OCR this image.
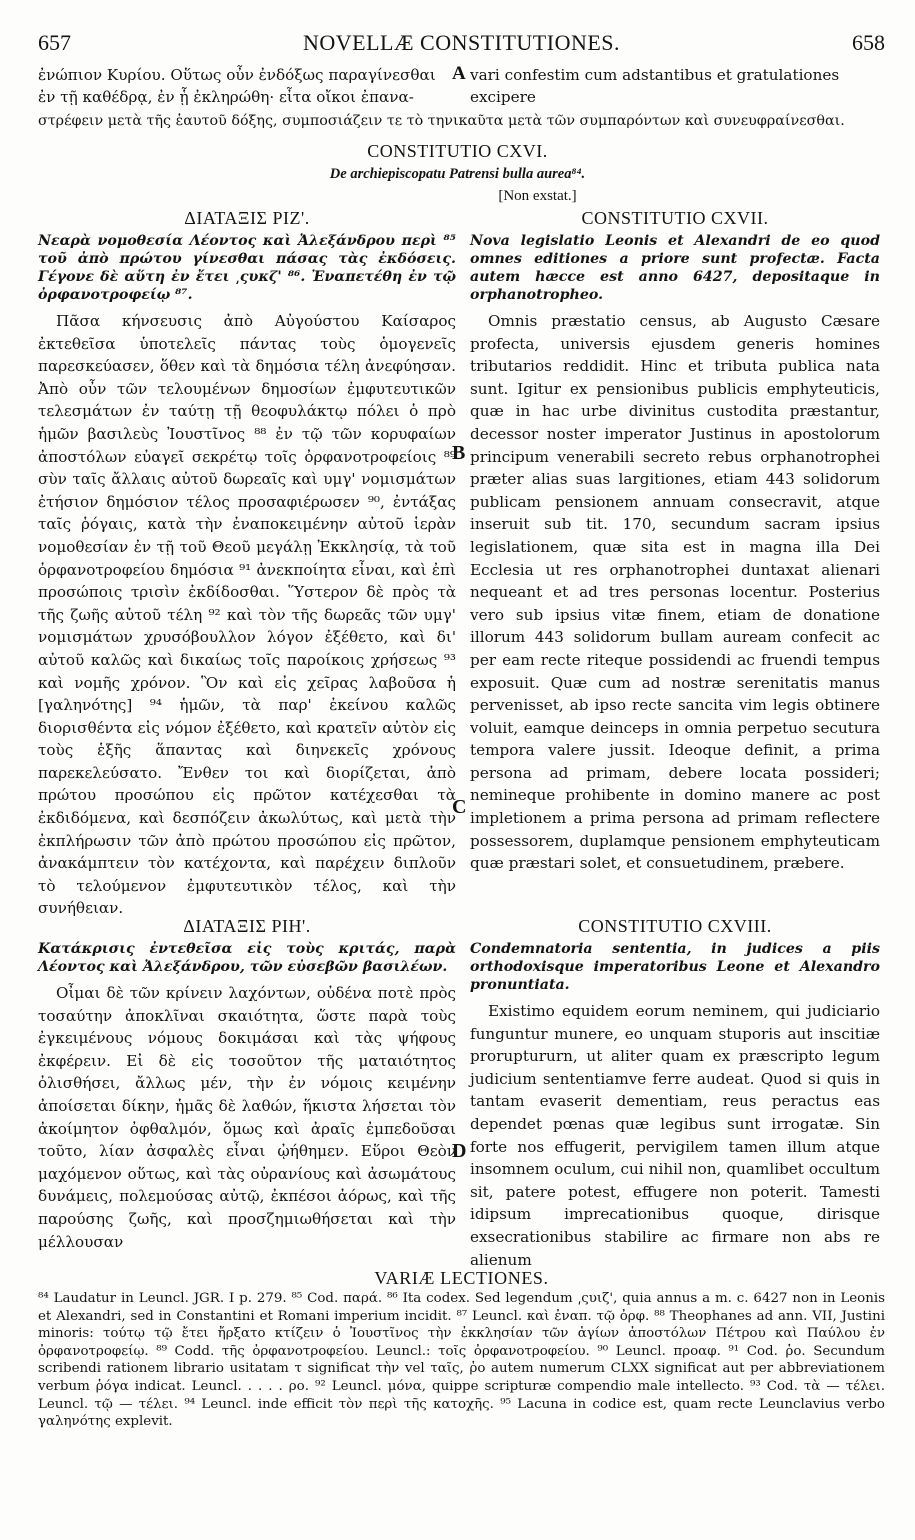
657	NOVELLÆ CONSTITUTIONES.	658
ἐνώπιον Κυρίου. Οὕτως οὖν ἐνδόξως παραγίνεσθαι A vari confestim cum adstantibus et gratulationes
ἐν τῇ καθέδρᾳ, ἐν ᾗ ἐκληρώθη· εἶτα οἴκοι ἐπανα-	excipere
στρέφειν μετὰ τῆς ἑαυτοῦ δόξης, συμποσιάζειν τε τὸ τηνικαῦτα μετὰ τῶν συμπαρόντων καὶ συνευφραίνεσθαι.
CONSTITUTIO CXVI.
De archiepiscopatu Patrensi bulla aurea⁸⁴.
[Non exstat.]
ΔΙΑΤΑΞΙΣ ΡΙΖ'.
Νεαρὰ νομοθεσία Λέοντος καὶ Ἀλεξάνδρου περὶ ⁸⁵ τοῦ ἀπὸ πρώτου γίνεσθαι πάσας τὰς ἐκδόσεις. Γέγονε δὲ αὕτη ἐν ἔτει ͵ςυκζ' ⁸⁶. Ἐναπετέθη ἐν τῷ ὀρφανοτροφείῳ ⁸⁷.

Πᾶσα κήνσευσις ἀπὸ Αὐγούστου Καίσαρος ἐκτεθεῖσα ὑποτελεῖς πάντας τοὺς ὁμογενεῖς παρεσκεύασεν, ὅθεν καὶ τὰ δημόσια τέλη ἀνεφύησαν. Ἀπὸ οὖν τῶν τελουμένων δημοσίων ἐμφυτευτικῶν τελεσμάτων ἐν ταύτῃ τῇ θεοφυλάκτῳ πόλει ὁ πρὸ ἡμῶν βασιλεὺς Ἰουστῖνος ⁸⁸ ἐν τῷ τῶν κορυφαίων ἀποστόλων εὐαγεῖ σεκρέτῳ τοῖς ὀρφανοτροφείοις ⁸⁹ σὺν ταῖς ἄλλαις αὐτοῦ δωρεαῖς καὶ υμγ' νομισμάτων ἐτήσιον δημόσιον τέλος προσαφιέρωσεν ⁹⁰, ἐντάξας ταῖς ῥόγαις, κατὰ τὴν ἐναποκειμένην αὐτοῦ ἱερὰν νομοθεσίαν ἐν τῇ τοῦ Θεοῦ μεγάλῃ Ἐκκλησίᾳ, τὰ τοῦ ὀρφανοτροφείου δημόσια ⁹¹ ἀνεκποίητα εἶναι, καὶ ἐπὶ προσώποις τρισὶν ἐκδίδοσθαι. Ὕστερον δὲ πρὸς τὰ τῆς ζωῆς αὐτοῦ τέλη ⁹² καὶ τὸν τῆς δωρεᾶς τῶν υμγ' νομισμάτων χρυσόβουλλον λόγον ἐξέθετο, καὶ δι' αὐτοῦ καλῶς καὶ δικαίως τοῖς παροίκοις χρήσεως ⁹³ καὶ νομῆς χρόνον. Ὃν καὶ εἰς χεῖρας λαβοῦσα ἡ [γαληνότης] ⁹⁴ ἡμῶν, τὰ παρ' ἐκείνου καλῶς διορισθέντα εἰς νόμον ἐξέθετο, καὶ κρατεῖν αὐτὸν εἰς τοὺς ἑξῆς ἅπαντας καὶ διηνεκεῖς χρόνους παρεκελεύσατο. Ἔνθεν τοι καὶ διορίζεται, ἀπὸ πρώτου προσώπου εἰς πρῶτον κατέχεσθαι τὰ ἐκδιδόμενα, καὶ δεσπόζειν ἀκωλύτως, καὶ μετὰ τὴν ἐκπλήρωσιν τῶν ἀπὸ πρώτου προσώπου εἰς πρῶτον, ἀνακάμπτειν τὸν κατέχοντα, καὶ παρέχειν διπλοῦν τὸ τελούμενον ἐμφυτευτικὸν τέλος, καὶ τὴν συνήθειαν.

CONSTITUTIO CXVII.
Nova legislatio Leonis et Alexandri de eo quod omnes editiones a priore sunt profectæ. Facta autem hæcce est anno 6427, depositaque in orphanotropheo.

Omnis præstatio census, ab Augusto Cæsare profecta, universis ejusdem generis homines tributarios reddidit. Hinc et tributa publica nata sunt. Igitur ex pensionibus publicis emphyteuticis, quæ in hac urbe divinitus custodita præstantur, decessor noster imperator Justinus in apostolorum principum venerabili secreto rebus orphanotrophei præter alias suas largitiones, etiam 443 solidorum publicam pensionem annuam consecravit, atque inseruit sub tit. 170, secundum sacram ipsius legislationem, quæ sita est in magna illa Dei Ecclesia ut res orphanotrophei duntaxat alienari nequeant et ad tres personas locentur. Posterius vero sub ipsius vitæ finem, etiam de donatione illorum 443 solidorum bullam auream confecit ac per eam recte riteque possidendi ac fruendi tempus exposuit. Quæ cum ad nostræ serenitatis manus pervenisset, ab ipso recte sancita vim legis obtinere voluit, eamque deinceps in omnia perpetuo secutura tempora valere jussit. Ideoque definit, a prima persona ad primam, debere locata possideri; nemineque prohibente in domino manere ac post impletionem a prima persona ad primam reflectere possessorem, duplamque pensionem emphyteuticam quæ præstari solet, et consuetudinem, præbere.

B
C
D
ΔΙΑΤΑΞΙΣ ΡΙΗ'.
Κατάκρισις ἐντεθεῖσα εἰς τοὺς κριτάς, παρὰ Λέοντος καὶ Ἀλεξάνδρου, τῶν εὐσεβῶν βασιλέων.

Οἶμαι δὲ τῶν κρίνειν λαχόντων, οὐδένα ποτὲ πρὸς τοσαύτην ἀποκλῖναι σκαιότητα, ὥστε παρὰ τοὺς ἐγκειμένους νόμους δοκιμάσαι καὶ τὰς ψήφους ἐκφέρειν. Εἰ δὲ εἰς τοσοῦτον τῆς ματαιότητος ὀλισθήσει, ἄλλως μέν, τὴν ἐν νόμοις κειμένην ἀποίσεται δίκην, ἡμᾶς δὲ λαθών, ἥκιστα λήσεται τὸν ἀκοίμητον ὀφθαλμόν, ὅμως καὶ ἀραῖς ἐμπεδοῦσαι τοῦτο, λίαν ἀσφαλὲς εἶναι ᾠήθημεν. Εὕροι Θεὸν μαχόμενον οὕτως, καὶ τὰς οὐρανίους καὶ ἀσωμάτους δυνάμεις, πολεμούσας αὐτῷ, ἐκπέσοι ἀόρως, καὶ τῆς παρούσης ζωῆς, καὶ προσζημιωθήσεται καὶ τὴν μέλλουσαν

CONSTITUTIO CXVIII.
Condemnatoria sententia, in judices a piis orthodoxisque imperatoribus Leone et Alexandro pronuntiata.

Existimo equidem eorum neminem, qui judiciario funguntur munere, eo unquam stuporis aut inscitiæ proruptururn, ut aliter quam ex præscripto legum judicium sententiamve ferre audeat. Quod si quis in tantam evaserit dementiam, reus peractus eas dependet pœnas quæ legibus sunt irrogatæ. Sin forte nos effugerit, pervigilem tamen illum atque insomnem oculum, cui nihil non, quamlibet occultum sit, patere potest, effugere non poterit. Tamesti idipsum imprecationibus quoque, dirisque exsecrationibus stabilire ac firmare non abs re alienum

VARIÆ LECTIONES.

⁸⁴ Laudatur in Leuncl. JGR. I p. 279. ⁸⁵ Cod. παρά. ⁸⁶ Ita codex. Sed legendum ͵ςυιζ', quia annus a m. c. 6427 non in Leonis et Alexandri, sed in Constantini et Romani imperium incidit. ⁸⁷ Leuncl. καὶ ἐναπ. τῷ ὀρφ. ⁸⁸ Theophanes ad ann. VII, Justini minoris: τούτῳ τῷ ἔτει ἤρξατο κτίζειν ὁ Ἰουστῖνος τὴν ἐκκλησίαν τῶν ἁγίων ἀποστόλων Πέτρου καὶ Παύλου ἐν ὀρφανοτροφείῳ. ⁸⁹ Codd. τῆς ὀρφανοτροφείου. Leuncl.: τοῖς ὀρφανοτροφείου. ⁹⁰ Leuncl. προαφ. ⁹¹ Cod. ῥο. Secundum scribendi rationem librario usitatam τ significat τὴν vel ταῖς, ῥο autem numerum CLXX significat aut per abbreviationem verbum ῥόγα indicat. Leuncl. . . . . ρο. ⁹² Leuncl. μόνα, quippe scripturæ compendio male intellecto. ⁹³ Cod. τὰ — τέλει. Leuncl. τῷ — τέλει. ⁹⁴ Leuncl. inde efficit τὸν περὶ τῆς κατοχῆς. ⁹⁵ Lacuna in codice est, quam recte Leunclavius verbo γαληνότης explevit.
